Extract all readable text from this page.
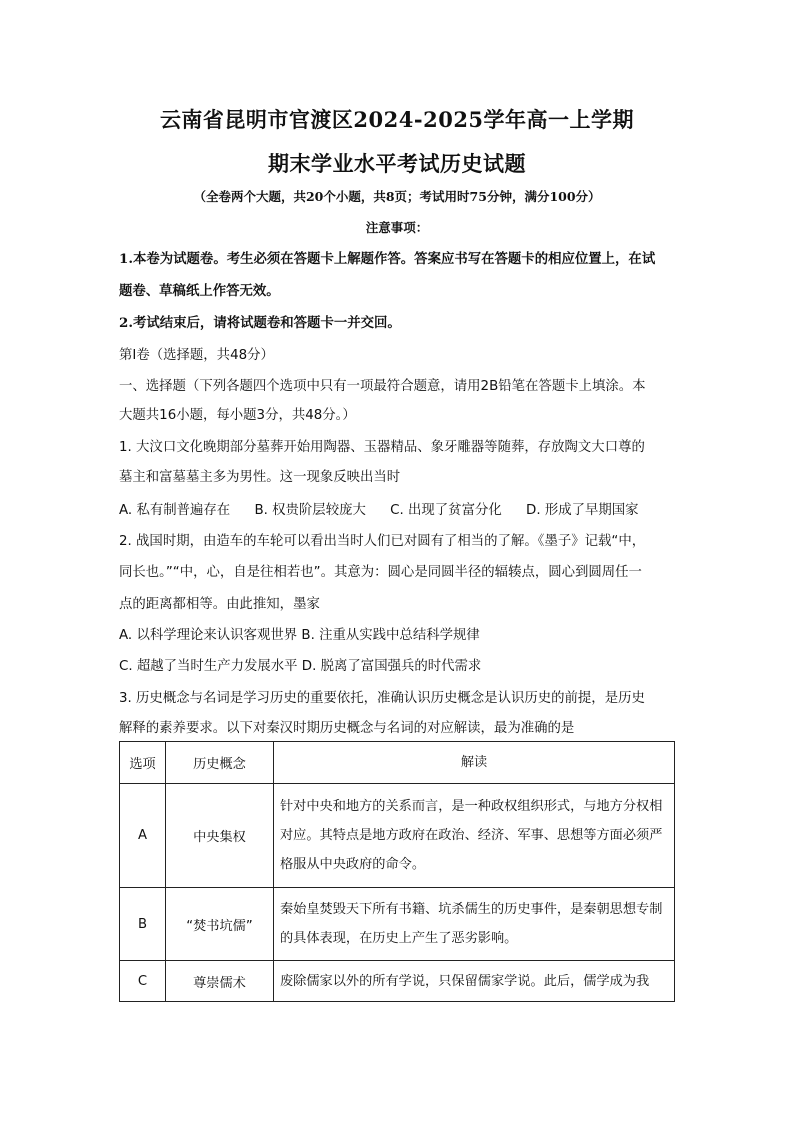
云南省昆明市官渡区2024-2025学年高一上学期
期末学业水平考试历史试题
（全卷两个大题，共20个小题，共8页；考试用时75分钟，满分100分）
注意事项：
1.本卷为试题卷。考生必须在答题卡上解题作答。答案应书写在答题卡的相应位置上，在试
题卷、草稿纸上作答无效。
2.考试结束后，请将试题卷和答题卡一并交回。
第Ⅰ卷（选择题，共48分）
一、选择题（下列各题四个选项中只有一项最符合题意，请用2B铅笔在答题卡上填涂。本
大题共16小题，每小题3分，共48分。）
1. 大汶口文化晚期部分墓葬开始用陶器、玉器精品、象牙雕器等随葬，存放陶文大口尊的
墓主和富墓墓主多为男性。这一现象反映出当时
A. 私有制普遍存在 B. 权贵阶层较庞大 C. 出现了贫富分化 D. 形成了早期国家
2. 战国时期，由造车的车轮可以看出当时人们已对圆有了相当的了解。《墨子》记载“中，
同长也。”“中，心，自是往相若也”。其意为：圆心是同圆半径的辐辏点，圆心到圆周任一
点的距离都相等。由此推知，墨家
A. 以科学理论来认识客观世界 B. 注重从实践中总结科学规律
C. 超越了当时生产力发展水平 D. 脱离了富国强兵的时代需求
3. 历史概念与名词是学习历史的重要依托，准确认识历史概念是认识历史的前提，是历史
解释的素养要求。以下对秦汉时期历史概念与名词的对应解读，最为准确的是
选项	历史概念	解读
A	中央集权	针对中央和地方的关系而言，是一种政权组织形式，与地方分权相对应。其特点是地方政府在政治、经济、军事、思想等方面必须严格服从中央政府的命令。
B	“焚书坑儒”	秦始皇焚毁天下所有书籍、坑杀儒生的历史事件，是秦朝思想专制的具体表现，在历史上产生了恶劣影响。
C	尊崇儒术	废除儒家以外的所有学说，只保留儒家学说。此后，儒学成为我
